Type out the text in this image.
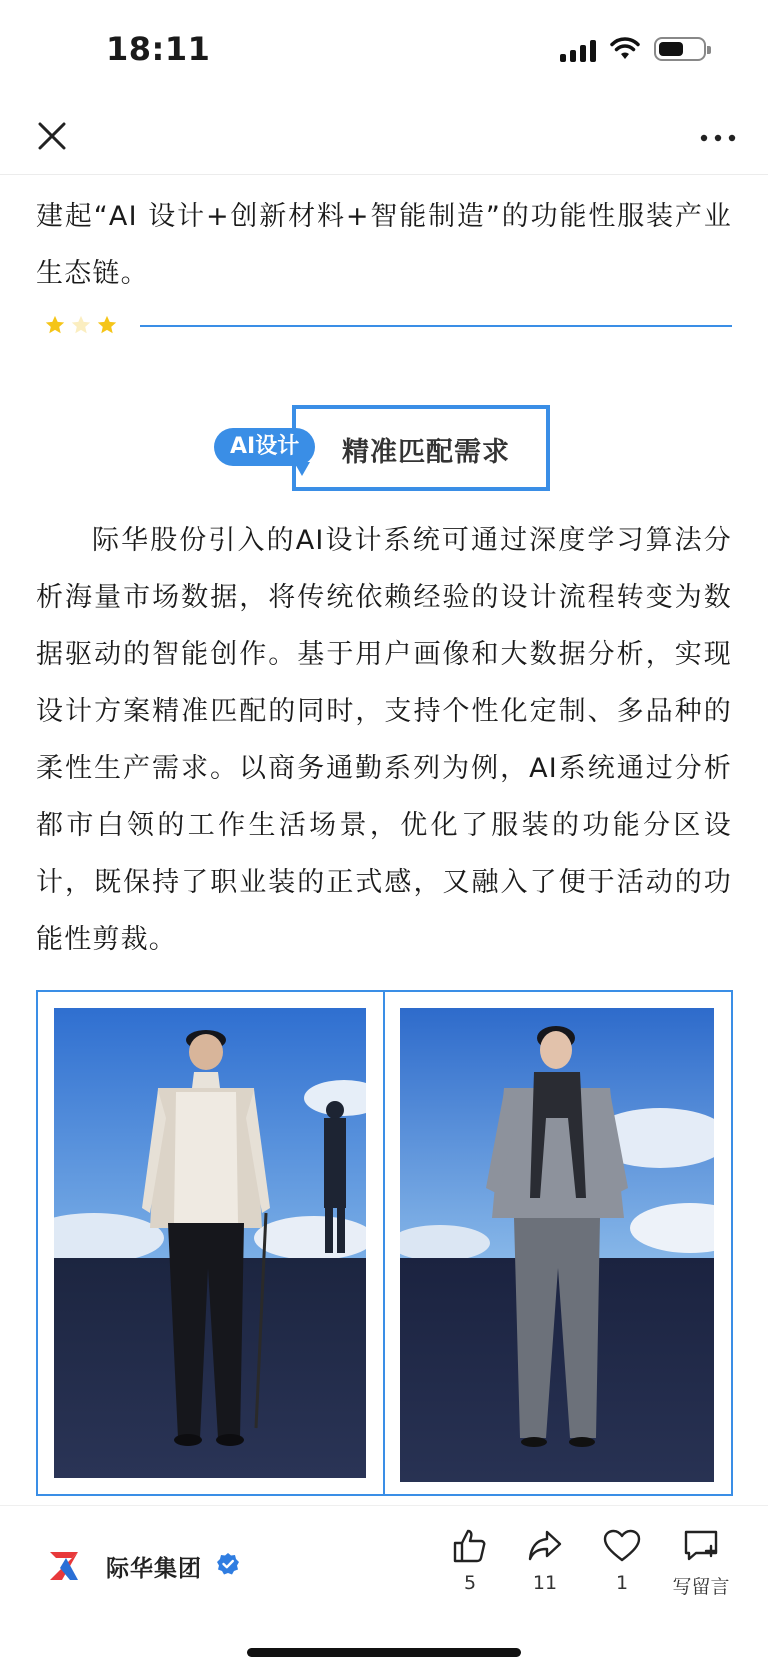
18:11

建起“AI 设计+创新材料+智能制造”的功能性服装产业生态链。

精准匹配需求
AI设计

际华股份引入的AI设计系统可通过深度学习算法分析海量市场数据，将传统依赖经验的设计流程转变为数据驱动的智能创作。基于用户画像和大数据分析，实现设计方案精准匹配的同时，支持个性化定制、多品种的柔性生产需求。以商务通勤系列为例，AI系统通过分析都市白领的工作生活场景，优化了服装的功能分区设计，既保持了职业装的正式感，又融入了便于活动的功能性剪裁。

际华集团
5	11	1	写留言
